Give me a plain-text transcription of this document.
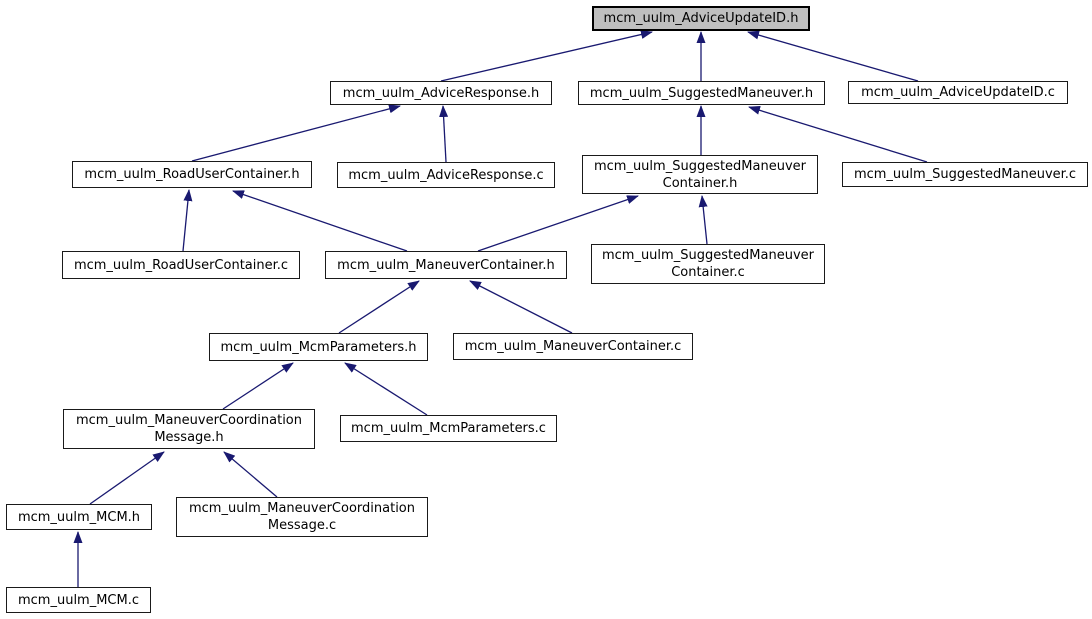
mcm_uulm_AdviceUpdateID.h
mcm_uulm_AdviceResponse.h	mcm_uulm_SuggestedManeuver.h	mcm_uulm_AdviceUpdateID.c
mcm_uulm_RoadUserContainer.h	mcm_uulm_AdviceResponse.c
mcm_uulm_SuggestedManeuver
Container.h
mcm_uulm_SuggestedManeuver.c
mcm_uulm_RoadUserContainer.c	mcm_uulm_ManeuverContainer.h
mcm_uulm_SuggestedManeuver
Container.c
mcm_uulm_McmParameters.h	mcm_uulm_ManeuverContainer.c
mcm_uulm_ManeuverCoordination
Message.h
mcm_uulm_McmParameters.c
mcm_uulm_MCM.h
mcm_uulm_ManeuverCoordination
Message.c
mcm_uulm_MCM.c
